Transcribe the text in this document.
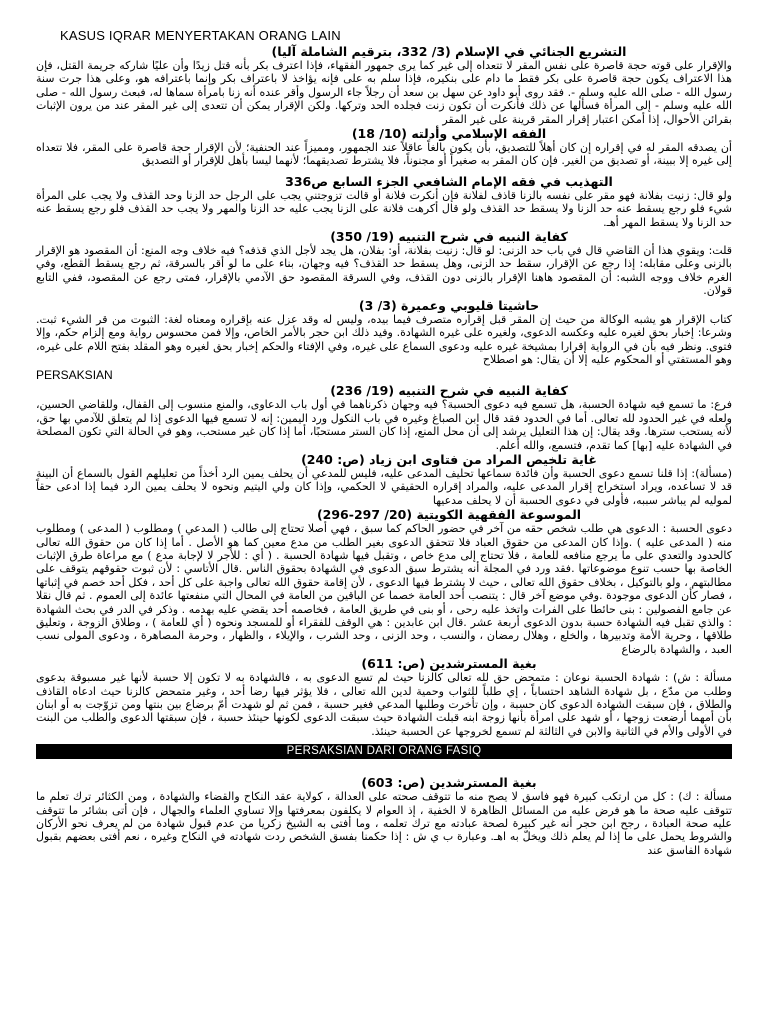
KASUS IQRAR MENYERTAKAN ORANG LAIN
التشريع الجنائي في الإسلام (3/ 332، بترقيم الشاملة آليا)

والإقرار على قوته حجة قاصرة على نفس المقر لا تتعداه إلى غير كما يرى جمهور الفقهاء، فإذا اعترف بكر بأنه قتل زيدًا وأن عليًا شاركه جريمة القتل، فإن هذا الاعتراف يكون حجة قاصرة على بكر فقط ما دام على بنكيره، فإذا سلم به على فإنه يؤاخذ لا باعتراف بكر وإنما باعترافه هو، وعلى هذا جرت سنة رسول الله - صلى الله عليه وسلم -. فقد روى أبو داود عن سهل بن سعد أن رجلاً جاء الرسول وأقر عنده أنه زنا بامرأة سماها له، فبعث رسول الله - صلى الله عليه وسلم - إلى المرأة فسألها عن ذلك فأنكرت أن تكون زنت فجلده الحد وتركها. ولكن الإقرار يمكن أن تتعدى إلى غير المقر عند من يرون الإثبات بقرائن الأحوال، إذا أمكن اعتبار إقرار المقر قرينة على غير المقر

الفقه الإسلامي وأدلته (10/ 18)

أن يصدقه المقر له في إقراره إن كان أهلاً للتصديق، بأن يكون بالغاً عاقلاً عند الجمهور، ومميزاً عند الحنفية؛ لأن الإقرار حجة قاصرة على المقر، فلا تتعداه إلى غيره إلا ببينة، أو تصديق من الغير. فإن كان المقر به صغيراً أو مجنوناً، فلا يشترط تصديقهما؛ لأنهما ليسا بأهل للإقرار أو التصديق

التهذيب في فقه الإمام الشافعي الجزء السابع ص336

ولو قال: زنيت بفلانة فهو مقر على نفسه بالزنا قاذف لفلانة فإن أنكرت فلانة أو قالت تزوجتني يجب على الرجل حد الزنا وحد القذف ولا يجب على المرأة شيء فلو رجع يسقط عنه حد الزنا ولا يسقط حد القذف ولو قال أكرهت فلانة على الزنا يجب عليه حد الزنا والمهر ولا يجب حد القذف فلو رجع يسقط عنه حد الزنا ولا يسقط المهر أهـ.

كفاية النبيه في شرح التنبيه (19/ 350)

قلت: ويقوي هذا أن القاضي قال في باب حد الزنى: لو قال: زنيت بفلانة، أو: بفلان، هل يجد لأجل الذي قذفه؟ فيه خلاف وجه المنع: أن المقصود هو الإقرار بالزنى وعلى مقابله: إذا رجع عن الإقرار، سقط حد الزنى، وهل يسقط حد القذف؟ فيه وجهان، بناء على ما لو أقر بالسرقة، ثم رجع يسقط القطع، وفي الغرم خلاف ووجه الشبه: أن المقصود هاهنا الإقرار بالزنى دون القذف، وفي السرقة المقصود حق الآدمي بالإقرار، فمتى رجع عن المقصود، ففي التابع قولان.

حاشيتا قليوبي وعميرة (3/ 3)

كتاب الإقرار هو يشبه الوكالة من حيث إن المقر قبل إقراره متصرف فيما بيده، وليس له وقد عزل عنه بإقراره ومعناه لغة: الثبوت من قر الشيء ثبت. وشرعا: إخبار بحق لغيره عليه وعكسه الدعوى، ولغيره على غيره الشهادة. وفيد ذلك ابن حجر بالأمر الخاص، وإلا فمن محسوس رواية ومع إلزام حكم، وإلا فتوى. ونظر فيه بأن في الرواية إقرارا بمشيخة غيره عليه ودعوى السماع على غيره، وفي الإفتاء والحكم إخبار بحق لغيره وهو المقلد بفتح اللام على غيره، وهو المستفتي أو المحكوم عليه إلا أن يقال: هو اصطلاح

PERSAKSIAN
كفاية النبيه في شرح التنبيه (19/ 236)

فرع: ما تسمع فيه شهادة الحسبة، هل تسمع فيه دعوى الحسبة؟ فيه وجهان ذكرناهما في أول باب الدعاوى، والمنع منسوب إلى القفال، وللقاضي الحسين، ولعله في غير الحدود لله تعالى. أما في الحدود فقد قال ابن الصباغ وغيره في باب النكول ورد اليمين: إنه لا تسمع فيها الدعوى إذا لم يتعلق للآدمي بها حق، لأنه يستحب سترها. وقد يقال: إن هذا التعليل يرشد إلى أن محل المنع، إذا كان الستر مستحبًا، أما إذا كان غير مستحب، وهو في الحالة التي تكون المصلحة في الشهادة عليه [بها] كما تقدم، فتسمع، والله أعلم.

غاية تلخيص المراد من فتاوى ابن زياد (ص: 240)

(مسألة): إذا قلنا تسمع دعوى الحسبة وأن فائدة سماعها تحليف المدعى عليه، فليس للمدعي أن يحلف يمين الرد أخذاً من تعليلهم القول بالسماع أن البينة قد لا تساعده، ويراد استخراج إقرار المدعى عليه، والمراد إقراره الحقيقي لا الحكمي، وإذا كان ولي اليتيم ونحوه لا يحلف يمين الرد فيما إذا ادعى حقاً لموليه لم يباشر سببه، فأولى في دعوى الحسبة أن لا يحلف مدعيها

الموسوعة الفقهية الكويتية (20/ 297-296)

دعوى الحسبة : الدعوى هي طلب شخص حقه من آخر في حضور الحاكم كما سبق ، فهي أصلا تحتاج إلى طالب ( المدعي ) ومطلوب ( المدعى ) ومطلوب منه ( المدعى عليه ) .وإذا كان المدعى من حقوق العباد فلا تتحقق الدعوى بغير الطلب من مدع معين كما هو الأصل . أما إذا كان من حقوق الله تعالى كالحدود والتعدي على ما يرجع منافعه للعامة ، فلا تحتاج إلى مدع خاص ، وتقبل فيها شهادة الحسبة . ( أي : للأجر لا لإجابة مدع ) مع مراعاة طرق الإثبات الخاصة بها حسب تنوع موضوعاتها .فقد ورد في المجلة أنه يشترط سبق الدعوى في الشهادة بحقوق الناس .قال الأتاسي : لأن ثبوت حقوقهم يتوقف على مطالبتهم ، ولو بالتوكيل ، بخلاف حقوق الله تعالى ، حيث لا يشترط فيها الدعوى ، لأن إقامة حقوق الله تعالى واجبة على كل أحد ، فكل أحد خصم في إثباتها ، فصار كأن الدعوى موجودة .وفي موضع آخر قال : يتنصب أحد العامة خصما عن الباقين من العامة في المحال التي منفعتها عائدة إلى العموم . ثم قال نقلا عن جامع الفصولين : بنى حائطا على الفرات واتخذ عليه رحى ، أو بنى في طريق العامة ، فخاصمه أحد يقضي عليه بهدمه . وذكر في الدر في بحث الشهادة : والذي تقبل فيه الشهادة حسبة بدون الدعوى أربعة عشر .قال ابن عابدين : هي الوقف للفقراء أو للمسجد ونحوه ( أي للعامة ) ، وطلاق الزوجة ، وتعليق طلاقها ، وحرية الأمة وتدبيرها ، والخلع ، وهلال رمضان ، والنسب ، وحد الزنى ، وحد الشرب ، والإيلاء ، والظهار ، وحرمة المصاهرة ، ودعوى المولى نسب العبد ، والشهادة بالرضاع

بغية المسترشدين (ص: 611)

مسألة : ش) : شهادة الحسبة نوعان : متمحض حق لله تعالى كالزنا حيث لم تسع الدعوى به ، فالشهادة به لا تكون إلا حسبة لأنها غير مسبوقة بدعوى وطلب من مدّع ، بل شهادة الشاهد احتساباً ، إي طلباً للثواب وحمية لدين الله تعالى ، فلا يؤثر فيها رضا أحد ، وغير متمحض كالزنا حيث ادعاه القاذف والطلاق ، فإن سبقت الشهادة الدعوى كان حسبة ، وإن تأخرت وطلبها المدعي فغير حسبة ، فمن ثم لو شهدت أمّ برضاع بين بنتها ومن تزوّجت به أو ابنان بأن أمهما أرضعت زوجها ، أو شهد على امرأة بأنها زوجة ابنه قبلت الشهادة حيث سبقت الدعوى لكونها حينئذ حسبة ، فإن سبقتها الدعوى والطلب من البنت في الأولى والأم في الثانية والابن في الثالثة لم تسمع لخروجها عن الحسبة حينئذ.

PERSAKSIAN DARI ORANG FASIQ
بغية المسترشدين (ص: 603)

مسألة : ك) : كل من ارتكب كبيرة فهو فاسق لا يصح منه ما تتوقف صحته على العدالة ، كولاية عقد النكاح والقضاء والشهادة ، ومن الكثائر ترك تعلم ما تتوقف عليه صحة ما هو فرض عليه من المسائل الظاهرة لا الخفية ، إذ العوام لا يكلفون بمعرفتها وإلا تساوي العلماء والجهال ، فإن أتى بشائر ما تتوقف عليه صحة العبادة ، رجح ابن حجر أنه غير كبيرة لصحة عبادته مع ترك تعلمه ، وما أفتى به الشيخ زكريا من عدم قبول شهادة من لم يعرف نحو الأركان والشروط يحمل على ما إذا لم يعلم ذلك ويخلّ به اهـ. وعبارة ب ي ش : إذا حكمنا بفسق الشخص ردت شهادته في النكاح وغيره ، نعم أفتى بعضهم بقبول شهادة الفاسق عند
